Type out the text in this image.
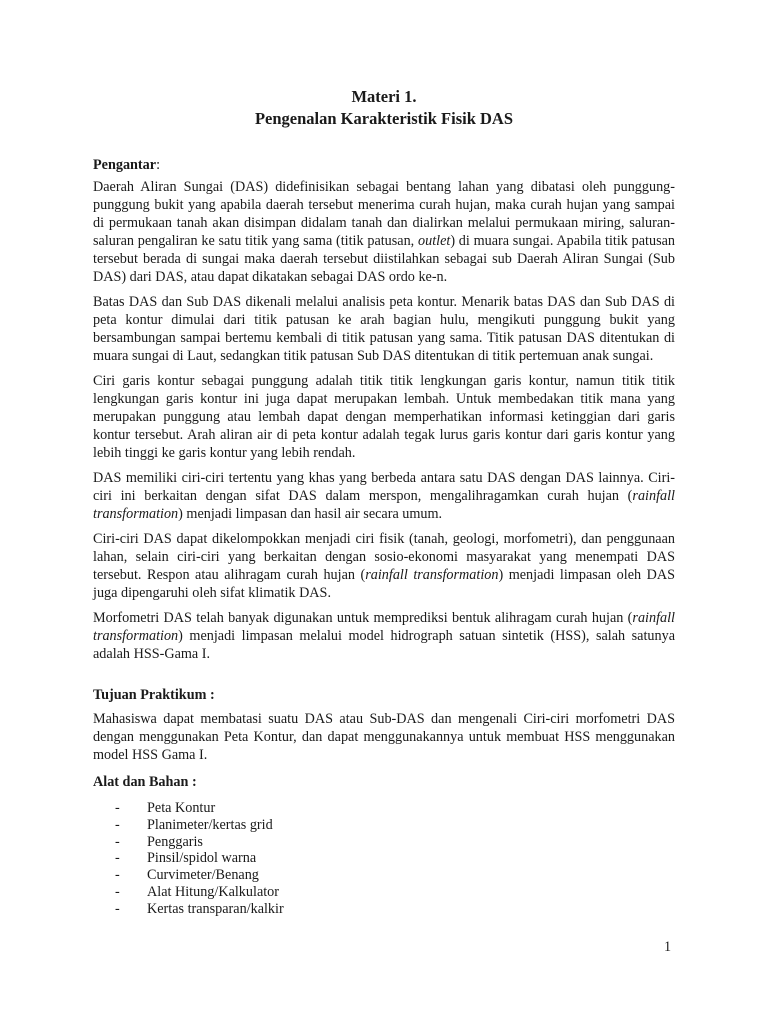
Materi 1.

Pengenalan Karakteristik Fisik DAS

Pengantar:

Daerah Aliran Sungai (DAS) didefinisikan sebagai bentang lahan yang dibatasi oleh punggung-punggung bukit yang apabila daerah tersebut menerima curah hujan, maka curah hujan yang sampai di permukaan tanah akan disimpan didalam tanah dan dialirkan melalui permukaan miring, saluran-saluran pengaliran ke satu titik yang sama (titik patusan, outlet) di muara sungai. Apabila titik patusan tersebut berada di sungai maka daerah tersebut diistilahkan sebagai sub Daerah Aliran Sungai (Sub DAS) dari DAS, atau dapat dikatakan sebagai DAS ordo ke-n.

Batas DAS dan Sub DAS dikenali melalui analisis peta kontur. Menarik batas DAS dan Sub DAS di peta kontur dimulai dari titik patusan ke arah bagian hulu, mengikuti punggung bukit yang bersambungan sampai bertemu kembali di titik patusan yang sama. Titik patusan DAS ditentukan di muara sungai di Laut, sedangkan titik patusan Sub DAS ditentukan di titik pertemuan anak sungai.

Ciri garis kontur sebagai punggung adalah titik titik lengkungan garis kontur, namun titik titik lengkungan garis kontur ini juga dapat merupakan lembah. Untuk membedakan titik mana yang merupakan punggung atau lembah dapat dengan memperhatikan informasi ketinggian dari garis kontur tersebut. Arah aliran air di peta kontur adalah tegak lurus garis kontur dari garis kontur yang lebih tinggi ke garis kontur yang lebih rendah.

DAS memiliki ciri-ciri tertentu yang khas yang berbeda antara satu DAS dengan DAS lainnya. Ciri-ciri ini berkaitan dengan sifat DAS dalam merspon, mengalihragamkan curah hujan (rainfall transformation) menjadi limpasan dan hasil air secara umum.

Ciri-ciri DAS dapat dikelompokkan menjadi ciri fisik (tanah, geologi, morfometri), dan penggunaan lahan, selain ciri-ciri yang berkaitan dengan sosio-ekonomi masyarakat yang menempati DAS tersebut. Respon atau alihragam curah hujan (rainfall transformation) menjadi limpasan oleh DAS juga dipengaruhi oleh sifat klimatik DAS.

Morfometri DAS telah banyak digunakan untuk memprediksi bentuk alihragam curah hujan (rainfall transformation) menjadi limpasan melalui model hidrograph satuan sintetik (HSS), salah satunya adalah HSS-Gama I.

Tujuan Praktikum :

Mahasiswa dapat membatasi suatu DAS atau Sub-DAS dan mengenali Ciri-ciri morfometri DAS dengan menggunakan Peta Kontur, dan dapat menggunakannya untuk membuat HSS menggunakan model HSS Gama I.

Alat dan Bahan :

- Peta Kontur
- Planimeter/kertas grid
- Penggaris
- Pinsil/spidol warna
- Curvimeter/Benang
- Alat Hitung/Kalkulator
- Kertas transparan/kalkir
1
